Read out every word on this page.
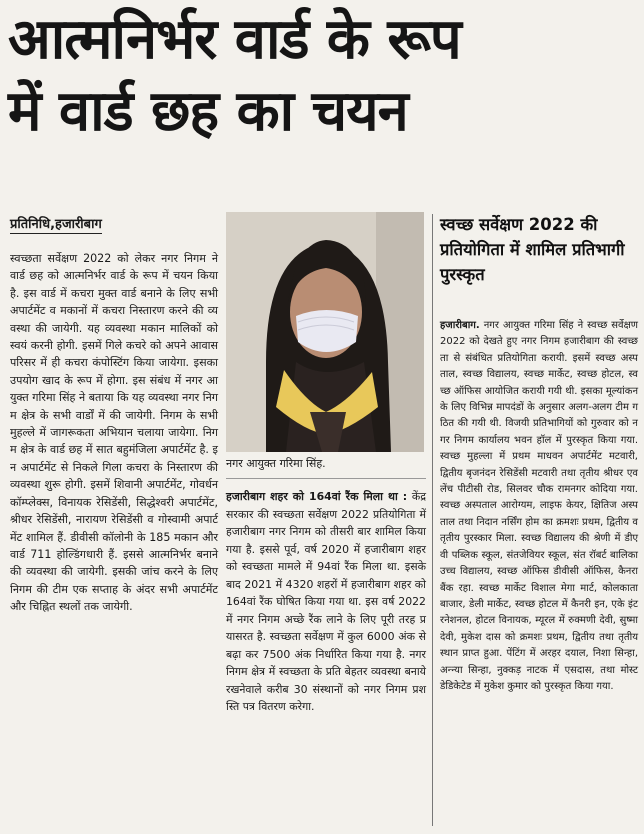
आत्मनिर्भर वार्ड के रूप
में वार्ड छह का चयन
प्रतिनिधि,हजारीबाग
स्वच्छता सर्वेक्षण 2022 को लेकर नगर निगम ने वार्ड छह को आत्मनिर्भर वार्ड के रूप में चयन किया है. इस वार्ड में कचरा मुक्त वार्ड बनाने के लिए सभी अपार्टमेंट व मकानों में कचरा निस्तारण करने की व्यवस्था की जायेगी. यह व्यवस्था मकान मालिकों को स्वयं करनी होगी. इसमें गिले कचरे को अपने आवास परिसर में ही कचरा कंपोस्टिंग किया जायेगा. इसका उपयोग खाद के रूप में होगा. इस संबंध में नगर आयुक्त गरिमा सिंह ने बताया कि यह व्यवस्था नगर निगम क्षेत्र के सभी वार्डों में की जायेगी. निगम के सभी मुहल्ले में जागरूकता अभियान चलाया जायेगा. निगम क्षेत्र के वार्ड छह में सात बहुमंजिला अपार्टमेंट है. इन अपार्टमेंट से निकले गिला कचरा के निस्तारण की व्यवस्था शुरू होगी. इसमें शिवानी अपार्टमेंट, गोवर्धन कॉम्प्लेक्स, विनायक रेसिडेंसी, सिद्धेश्वरी अपार्टमेंट, श्रीधर रेसिडेंसी, नारायण रेसिडेंसी व गोस्वामी अपार्टमेंट शामिल हैं. डीवीसी कॉलोनी के 185 मकान और वार्ड 711 होल्डिंगधारी हैं. इससे आत्मनिर्भर बनाने की व्यवस्था की जायेगी. इसकी जांच करने के लिए निगम की टीम एक सप्ताह के अंदर सभी अपार्टमेंट और चिह्नित स्थलों तक जायेगी.
नगर आयुक्त गरिमा सिंह.
हजारीबाग शहर को 164वां रैंक मिला था : केंद्र सरकार की स्वच्छता सर्वेक्षण 2022 प्रतियोगिता में हजारीबाग नगर निगम को तीसरी बार शामिल किया गया है. इससे पूर्व, वर्ष 2020 में हजारीबाग शहर को स्वच्छता मामले में 94वां रैंक मिला था. इसके बाद 2021 में 4320 शहरों में हजारीबाग शहर को 164वां रैंक घोषित किया गया था. इस वर्ष 2022 में नगर निगम अच्छे रैंक लाने के लिए पूरी तरह प्रयासरत है. स्वच्छता सर्वेक्षण में कुल 6000 अंक से बढ़ा कर 7500 अंक निर्धारित किया गया है. नगर निगम क्षेत्र में स्वच्छता के प्रति बेहतर व्यवस्था बनाये रखनेवाले करीब 30 संस्थानों को नगर निगम प्रशस्ति पत्र वितरण करेगा.
स्वच्छ सर्वेक्षण 2022 की प्रतियोगिता में शामिल प्रतिभागी पुरस्कृत
हजारीबाग. नगर आयुक्त गरिमा सिंह ने स्वच्छ सर्वेक्षण 2022 को देखते हुए नगर निगम हजारीबाग की स्वच्छता से संबंधित प्रतियोगिता करायी. इसमें स्वच्छ अस्पताल, स्वच्छ विद्यालय, स्वच्छ मार्केट, स्वच्छ होटल, स्वच्छ ऑफिस आयोजित करायी गयी थी. इसका मूल्यांकन के लिए विभिन्न मापदंडों के अनुसार अलग-अलग टीम गठित की गयी थी. विजयी प्रतिभागियों को गुरुवार को नगर निगम कार्यालय भवन हॉल में पुरस्कृत किया गया. स्वच्छ मुहल्ला में प्रथम माधवन अपार्टमेंट मटवारी, द्वितीय बृजनंदन रेसिडेंसी मटवारी तथा तृतीय श्रीधर एवलेंच पीटीसी रोड, सिलवर चौक रामनगर कोदिया गया. स्वच्छ अस्पताल आरोग्यम, लाइफ केयर, क्षितिज अस्पताल तथा निदान नर्सिंग होम का क्रमशः प्रथम, द्वितीय व तृतीय पुरस्कार मिला. स्वच्छ विद्यालय की श्रेणी में डीएवी पब्लिक स्कूल, संतजेवियर स्कूल, संत रॉबर्ट बालिका उच्च विद्यालय, स्वच्छ ऑफिस डीवीसी ऑफिस, कैनरा बैंक रहा. स्वच्छ मार्केट विशाल मेगा मार्ट, कोलकाता बाजार, डेली मार्केट, स्वच्छ होटल में कैनरी इन, एके इंटरनेशनल, होटल विनायक, म्यूरल में रुक्मणी देवी, सुष्मा देवी, मुकेश दास को क्रमशः प्रथम, द्वितीय तथा तृतीय स्थान प्राप्त हुआ. पेंटिंग में अरहर दयाल, निशा सिन्हा, अन्न्या सिन्हा, नुक्कड़ नाटक में एसदास, तथा मोस्ट डेडिकेटेड में मुकेश कुमार को पुरस्कृत किया गया.
